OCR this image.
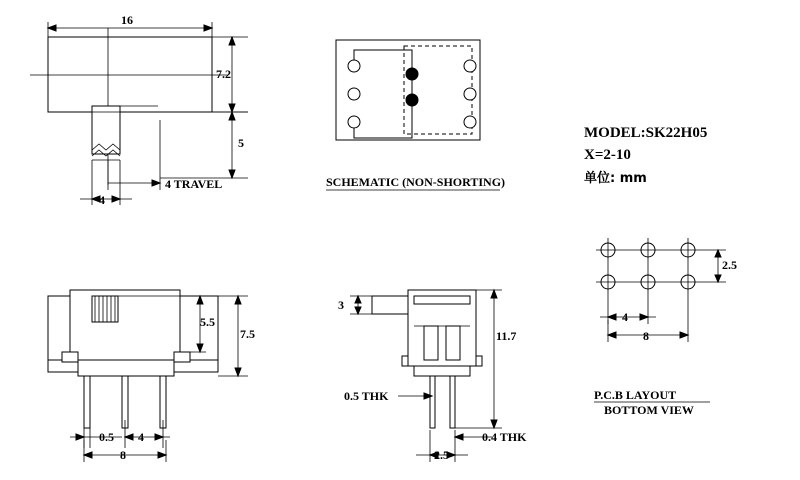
16
7.2
5
4 TRAVEL
4
SCHEMATIC (NON-SHORTING)
MODEL:SK22H05
X=2-10
单位: mm
5.5
7.5
0.5 4
8
3
11.7
0.5 THK
0.4 THK
2.5
2.5
4
8
P.C.B LAYOUT
BOTTOM VIEW
